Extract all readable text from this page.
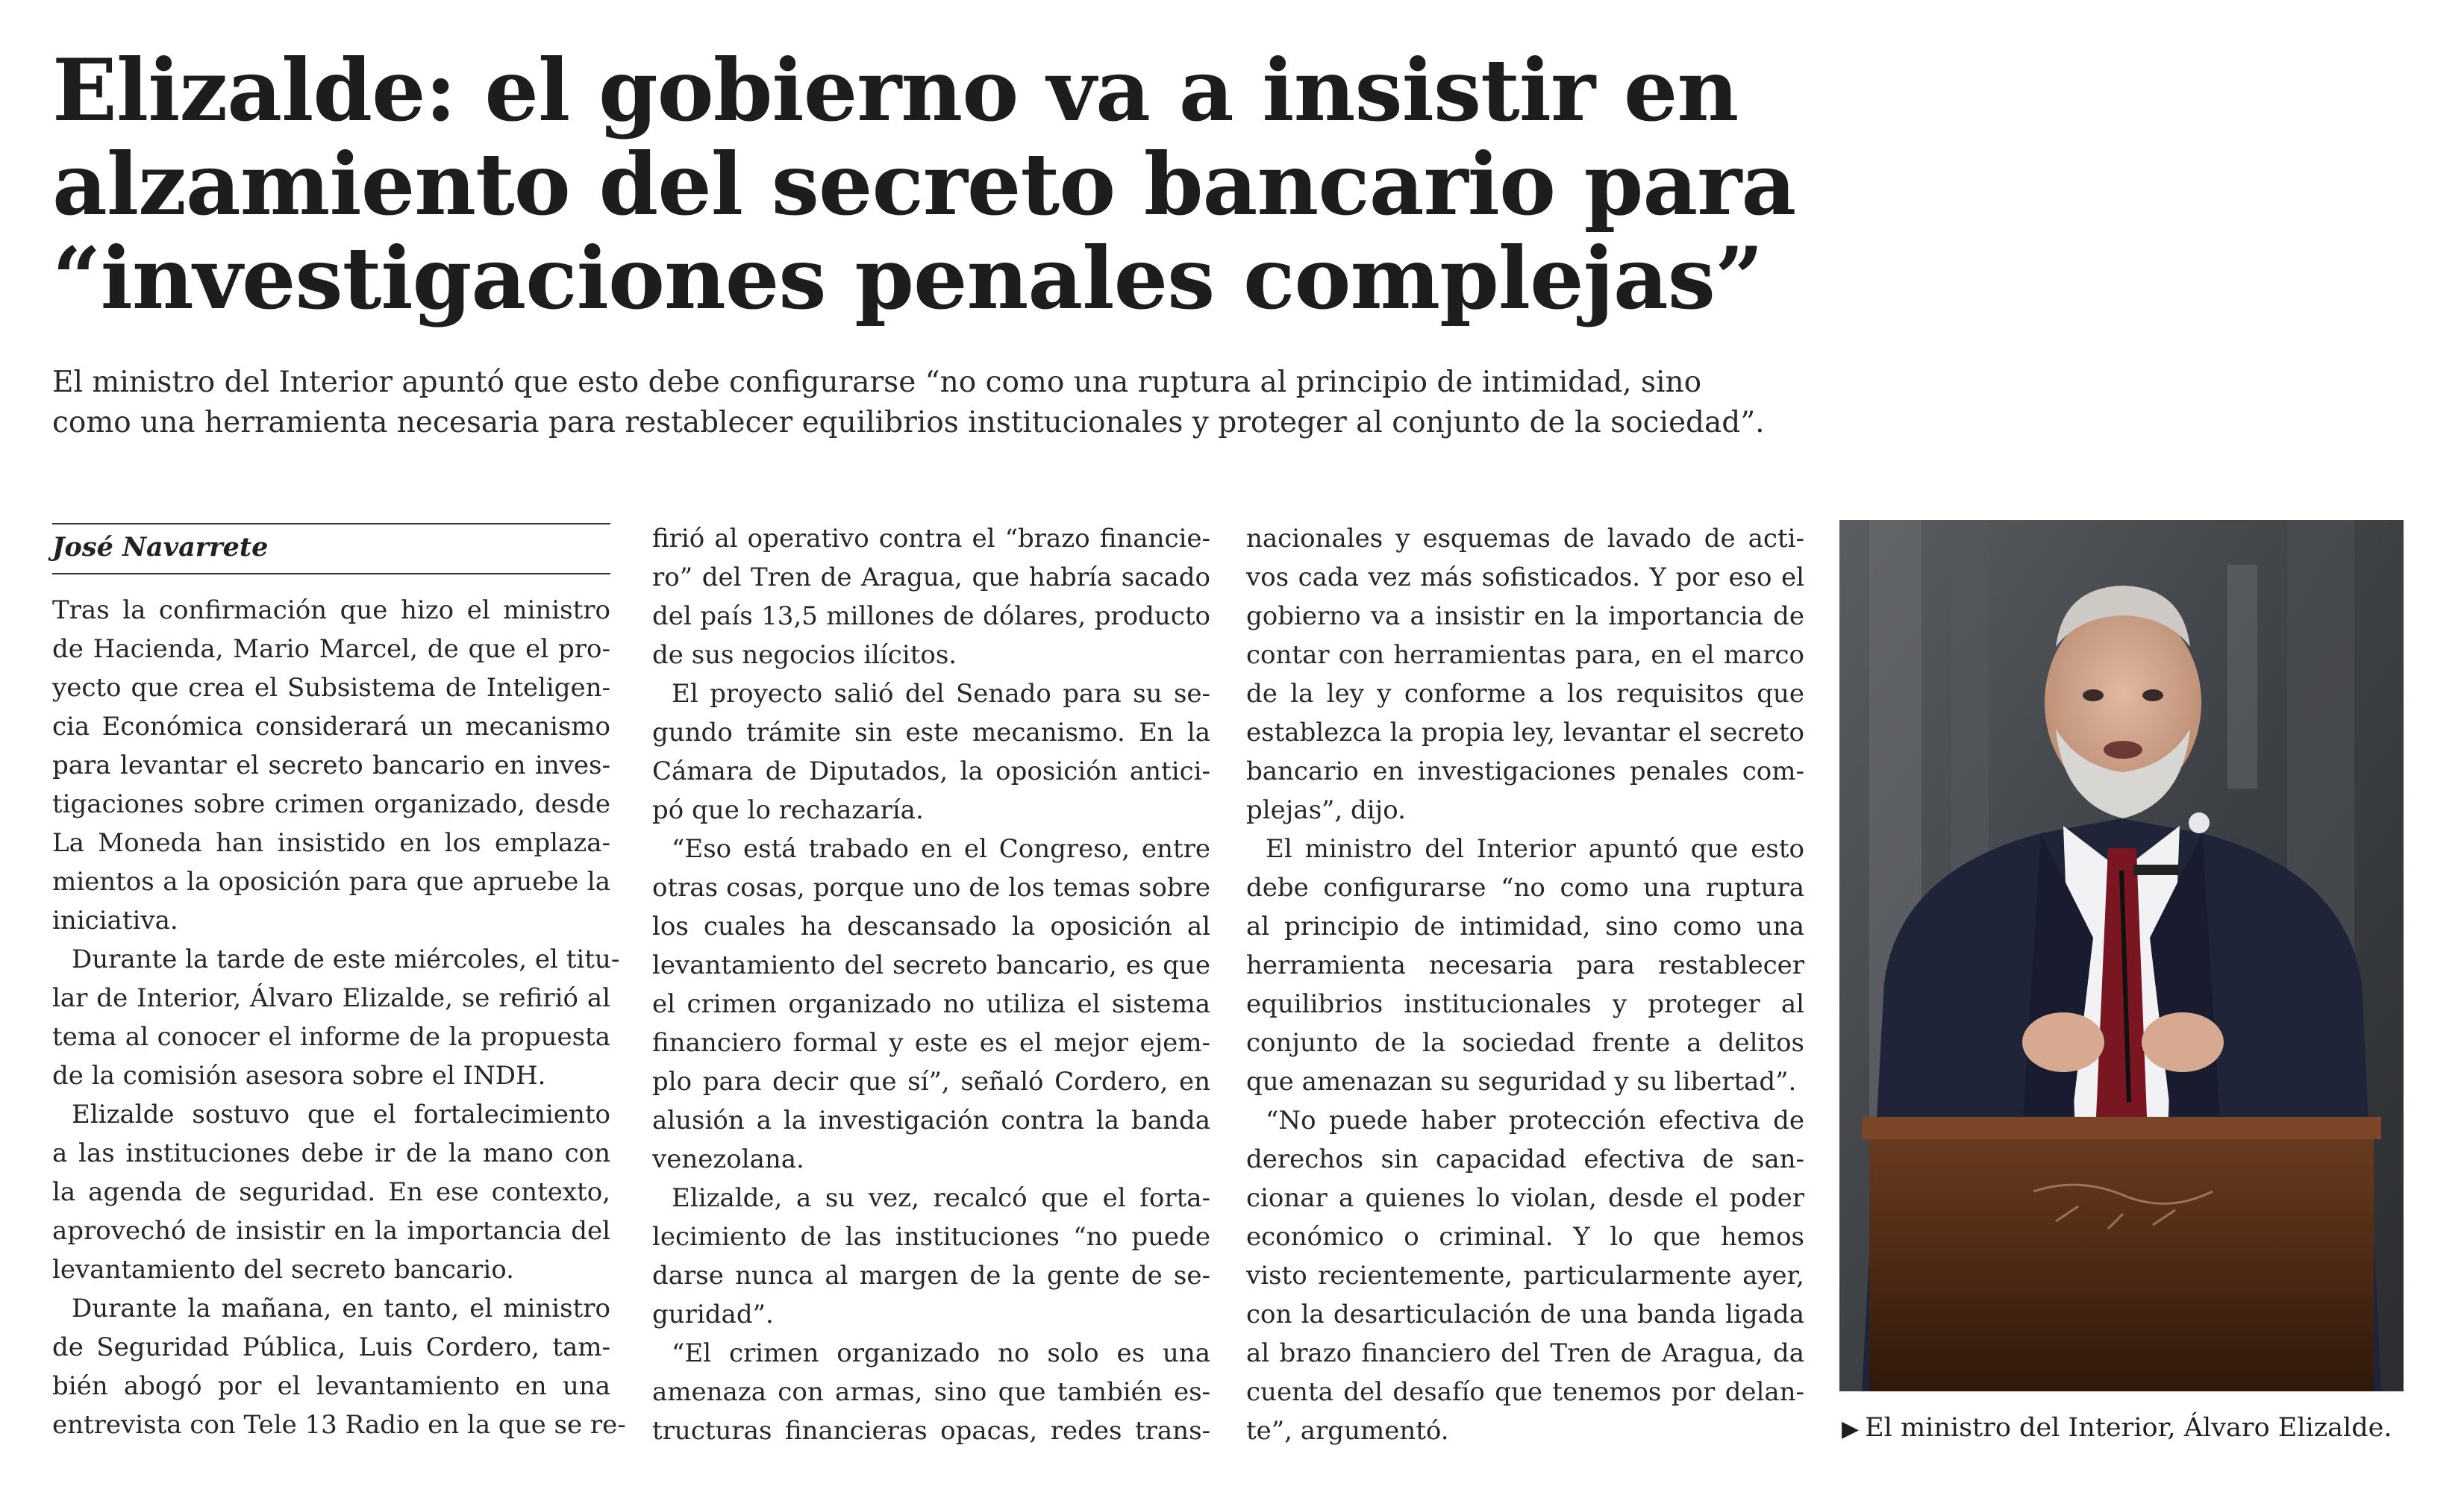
Elizalde: el gobierno va a insistir en
alzamiento del secreto bancario para
“investigaciones penales complejas”

El ministro del Interior apuntó que esto debe configurarse “no como una ruptura al principio de intimidad, sino
como una herramienta necesaria para restablecer equilibrios institucionales y proteger al conjunto de la sociedad”.

José Navarrete
Tras la confirmación que hizo el ministro
de Hacienda, Mario Marcel, de que el pro-
yecto que crea el Subsistema de Inteligen-
cia Económica considerará un mecanismo
para levantar el secreto bancario en inves-
tigaciones sobre crimen organizado, desde
La Moneda han insistido en los emplaza-
mientos a la oposición para que apruebe la
iniciativa.
Durante la tarde de este miércoles, el titu-
lar de Interior, Álvaro Elizalde, se refirió al
tema al conocer el informe de la propuesta
de la comisión asesora sobre el INDH.
Elizalde sostuvo que el fortalecimiento
a las instituciones debe ir de la mano con
la agenda de seguridad. En ese contexto,
aprovechó de insistir en la importancia del
levantamiento del secreto bancario.
Durante la mañana, en tanto, el ministro
de Seguridad Pública, Luis Cordero, tam-
bién abogó por el levantamiento en una
entrevista con Tele 13 Radio en la que se re-
firió al operativo contra el “brazo financie-
ro” del Tren de Aragua, que habría sacado
del país 13,5 millones de dólares, producto
de sus negocios ilícitos.
El proyecto salió del Senado para su se-
gundo trámite sin este mecanismo. En la
Cámara de Diputados, la oposición antici-
pó que lo rechazaría.
“Eso está trabado en el Congreso, entre
otras cosas, porque uno de los temas sobre
los cuales ha descansado la oposición al
levantamiento del secreto bancario, es que
el crimen organizado no utiliza el sistema
financiero formal y este es el mejor ejem-
plo para decir que sí”, señaló Cordero, en
alusión a la investigación contra la banda
venezolana.
Elizalde, a su vez, recalcó que el forta-
lecimiento de las instituciones “no puede
darse nunca al margen de la gente de se-
guridad”.
“El crimen organizado no solo es una
amenaza con armas, sino que también es-
tructuras financieras opacas, redes trans-
nacionales y esquemas de lavado de acti-
vos cada vez más sofisticados. Y por eso el
gobierno va a insistir en la importancia de
contar con herramientas para, en el marco
de la ley y conforme a los requisitos que
establezca la propia ley, levantar el secreto
bancario en investigaciones penales com-
plejas”, dijo.
El ministro del Interior apuntó que esto
debe configurarse “no como una ruptura
al principio de intimidad, sino como una
herramienta necesaria para restablecer
equilibrios institucionales y proteger al
conjunto de la sociedad frente a delitos
que amenazan su seguridad y su libertad”.
“No puede haber protección efectiva de
derechos sin capacidad efectiva de san-
cionar a quienes lo violan, desde el poder
económico o criminal. Y lo que hemos
visto recientemente, particularmente ayer,
con la desarticulación de una banda ligada
al brazo financiero del Tren de Aragua, da
cuenta del desafío que tenemos por delan-
te”, argumentó.	▶ El ministro del Interior, Álvaro Elizalde.
